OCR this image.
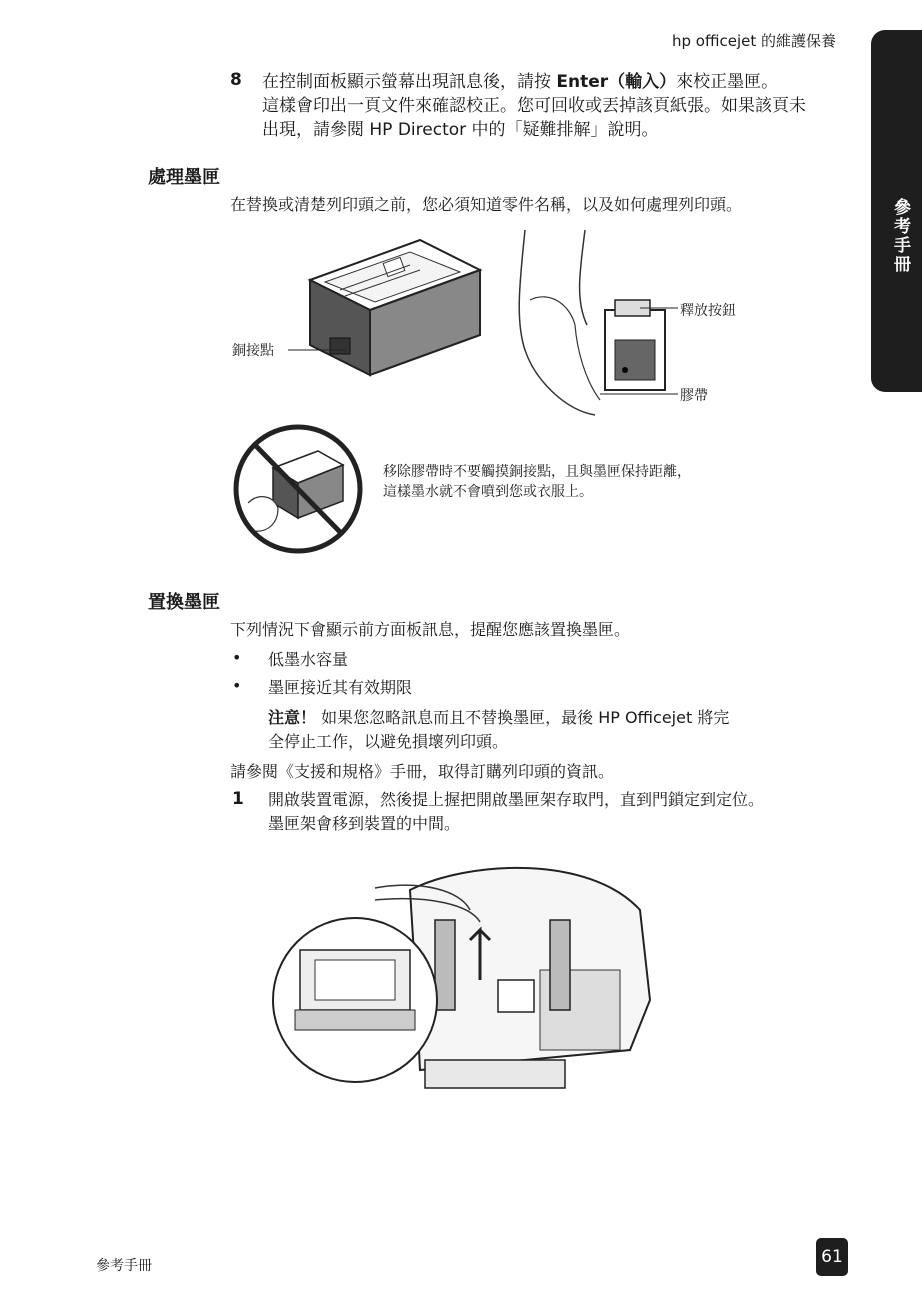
hp officejet 的維護保養
參考手冊
8 在控制面板顯示螢幕出現訊息後，請按 Enter（輸入）來校正墨匣。
這樣會印出一頁文件來確認校正。您可回收或丟掉該頁紙張。如果該頁未
出現，請參閱 HP Director 中的「疑難排解」說明。
處理墨匣
在替換或清楚列印頭之前，您必須知道零件名稱，以及如何處理列印頭。
銅接點
釋放按鈕
膠帶
移除膠帶時不要觸摸銅接點，且與墨匣保持距離，
這樣墨水就不會噴到您或衣服上。
置換墨匣
下列情況下會顯示前方面板訊息，提醒您應該置換墨匣。
• 低墨水容量
• 墨匣接近其有效期限
注意！ 如果您忽略訊息而且不替換墨匣，最後 HP Officejet 將完
全停止工作，以避免損壞列印頭。
請參閱《支援和規格》手冊，取得訂購列印頭的資訊。
1 開啟裝置電源，然後提上握把開啟墨匣架存取門，直到門鎖定到定位。
墨匣架會移到裝置的中間。
參考手冊	61
